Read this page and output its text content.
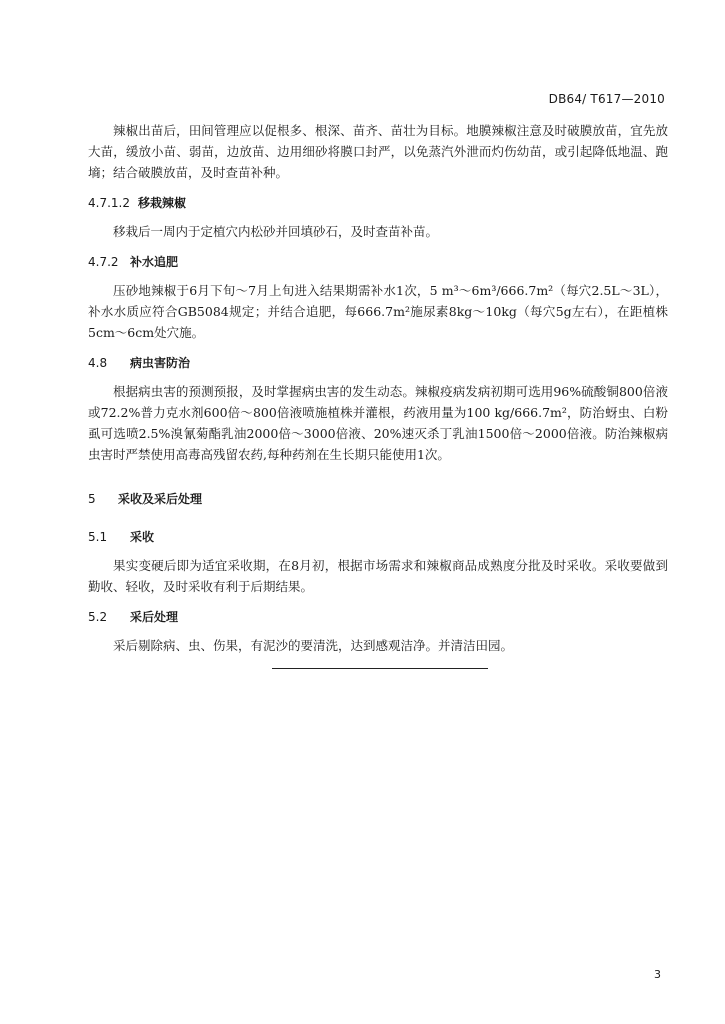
DB64/ T617—2010

辣椒出苗后，田间管理应以促根多、根深、苗齐、苗壮为目标。地膜辣椒注意及时破膜放苗，宜先放大苗，缓放小苗、弱苗，边放苗、边用细砂将膜口封严，以免蒸汽外泄而灼伤幼苗，或引起降低地温、跑墒；结合破膜放苗，及时查苗补种。

4.7.1.2 移栽辣椒

移栽后一周内于定植穴内松砂并回填砂石，及时查苗补苗。

4.7.2 补水追肥

压砂地辣椒于6月下旬～7月上旬进入结果期需补水1次，5 m³～6m³/666.7m²（每穴2.5L～3L），补水水质应符合GB5084规定；并结合追肥，每666.7m²施尿素8kg～10kg（每穴5g左右），在距植株5cm～6cm处穴施。

4.8 病虫害防治

根据病虫害的预测预报，及时掌握病虫害的发生动态。辣椒疫病发病初期可选用96%硫酸铜800倍液或72.2%普力克水剂600倍～800倍液喷施植株并灌根，药液用量为100 kg/666.7m²，防治蚜虫、白粉虱可选喷2.5%溴氰菊酯乳油2000倍～3000倍液、20%速灭杀丁乳油1500倍～2000倍液。防治辣椒病虫害时严禁使用高毒高残留农药,每种药剂在生长期只能使用1次。

5 采收及采后处理
5.1 采收

果实变硬后即为适宜采收期，在8月初，根据市场需求和辣椒商品成熟度分批及时采收。采收要做到勤收、轻收，及时采收有利于后期结果。

5.2 采后处理

采后剔除病、虫、伤果，有泥沙的要清洗，达到感观洁净。并清洁田园。

3
